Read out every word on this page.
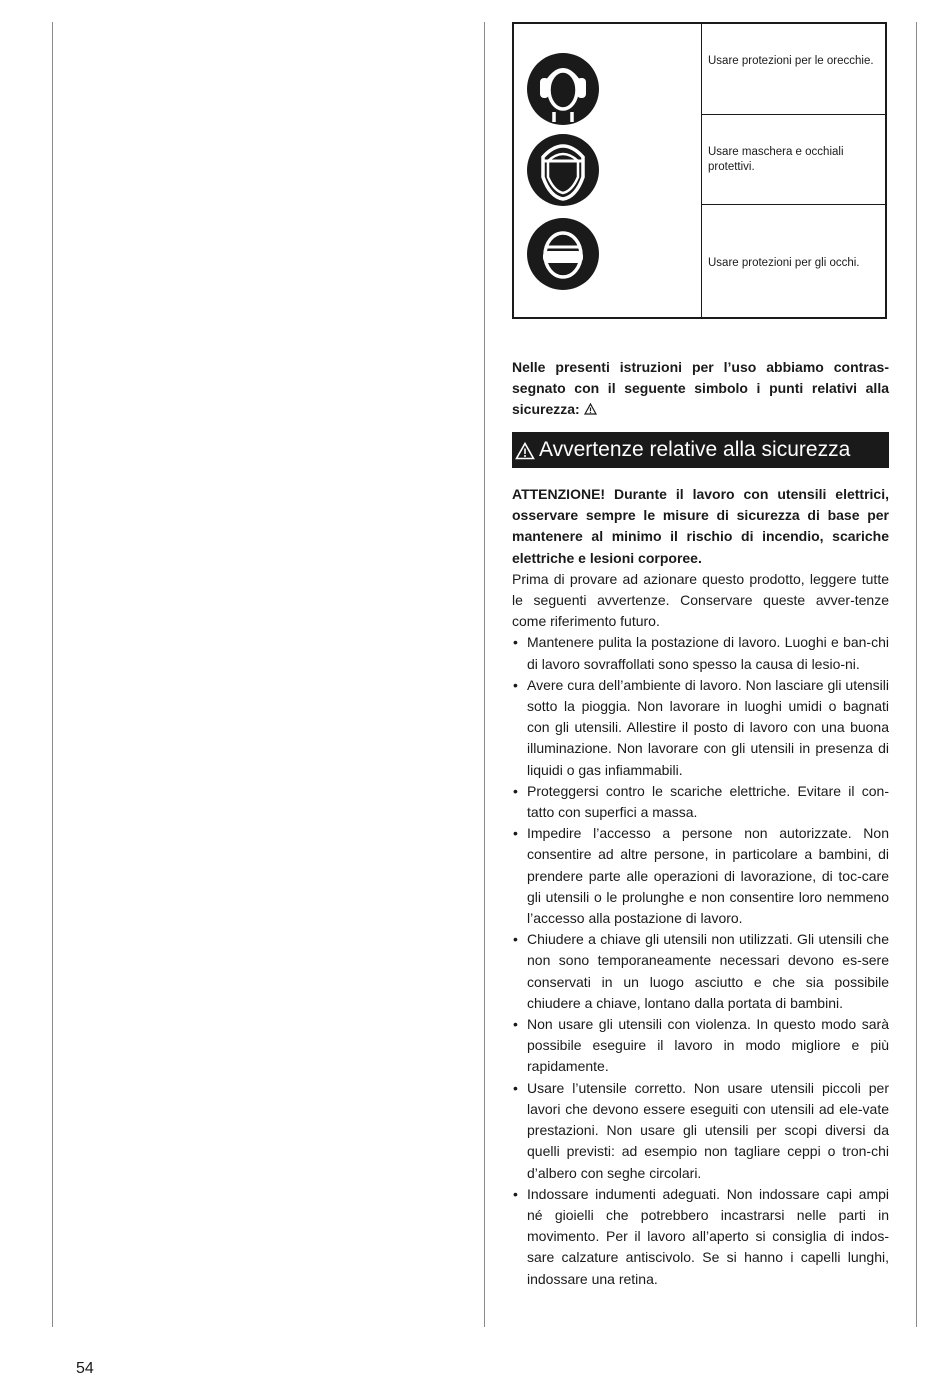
Usare protezioni per le orecchie.
Usare maschera e occhiali protettivi.
Usare protezioni per gli occhi.
Nelle presenti istruzioni per l’uso abbiamo contras-segnato con il seguente simbolo i punti relativi alla sicurezza:
Avvertenze relative alla sicurezza

ATTENZIONE! Durante il lavoro con utensili elettrici, osservare sempre le misure di sicurezza di base per mantenere al minimo il rischio di incendio, scariche elettriche e lesioni corporee.

Prima di provare ad azionare questo prodotto, leggere tutte le seguenti avvertenze. Conservare queste avver-tenze come riferimento futuro.

• Mantenere pulita la postazione di lavoro. Luoghi e ban-chi di lavoro sovraffollati sono spesso la causa di lesio-ni.
• Avere cura dell’ambiente di lavoro. Non lasciare gli utensili sotto la pioggia. Non lavorare in luoghi umidi o bagnati con gli utensili. Allestire il posto di lavoro con una buona illuminazione. Non lavorare con gli utensili in presenza di liquidi o gas infiammabili.
• Proteggersi contro le scariche elettriche. Evitare il con-tatto con superfici a massa.
• Impedire l’accesso a persone non autorizzate. Non consentire ad altre persone, in particolare a bambini, di prendere parte alle operazioni di lavorazione, di toc-care gli utensili o le prolunghe e non consentire loro nemmeno l’accesso alla postazione di lavoro.
• Chiudere a chiave gli utensili non utilizzati. Gli utensili che non sono temporaneamente necessari devono es-sere conservati in un luogo asciutto e che sia possibile chiudere a chiave, lontano dalla portata di bambini.
• Non usare gli utensili con violenza. In questo modo sarà possibile eseguire il lavoro in modo migliore e più rapidamente.
• Usare l’utensile corretto. Non usare utensili piccoli per lavori che devono essere eseguiti con utensili ad ele-vate prestazioni. Non usare gli utensili per scopi diversi da quelli previsti: ad esempio non tagliare ceppi o tron-chi d’albero con seghe circolari.
• Indossare indumenti adeguati. Non indossare capi ampi né gioielli che potrebbero incastrarsi nelle parti in movimento. Per il lavoro all’aperto si consiglia di indos-sare calzature antiscivolo. Se si hanno i capelli lunghi, indossare una retina.
54
